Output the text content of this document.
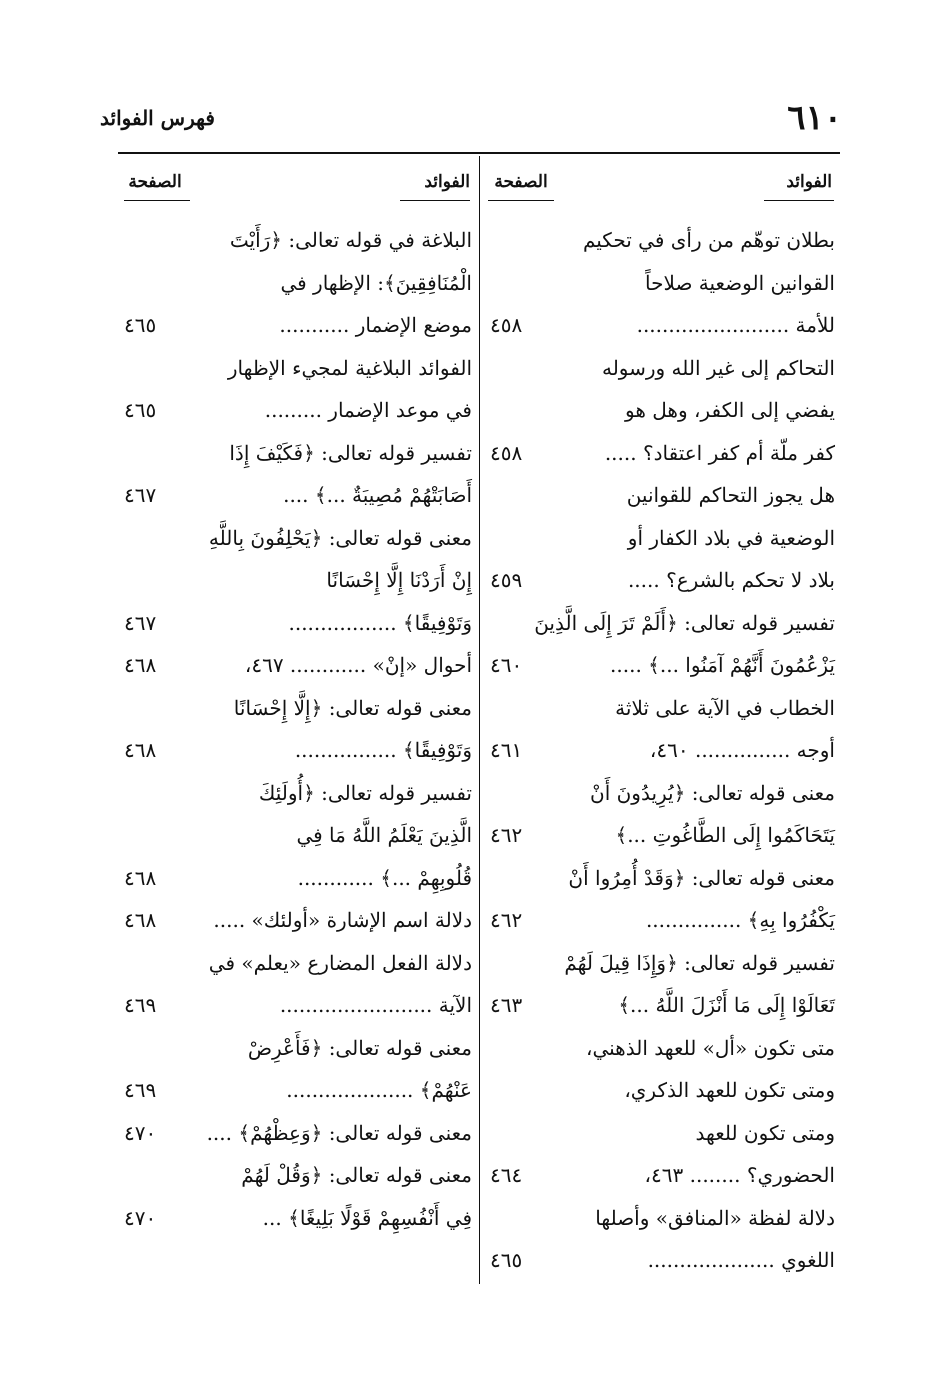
٦١٠
فهرس الفوائد
الفوائد
الصفحة
الفوائد
الصفحة
بطلان توهّم من رأى في تحكيم
القوانين الوضعية صلاحاً
للأمة ........................
٤٥٨
التحاكم إلى غير الله ورسوله
يفضي إلى الكفر، وهل هو
كفر ملّة أم كفر اعتقاد؟ .....
٤٥٨
هل يجوز التحاكم للقوانين
الوضعية في بلاد الكفار أو
بلاد لا تحكم بالشرع؟ .....
٤٥٩
تفسير قوله تعالى: ﴿أَلَمْ تَرَ إِلَى الَّذِينَ
يَزْعُمُونَ أَنَّهُمْ آمَنُوا ...﴾ .....
٤٦٠
الخطاب في الآية على ثلاثة
أوجه ............... ٤٦٠،
٤٦١
معنى قوله تعالى: ﴿يُرِيدُونَ أَنْ
يَتَحَاكَمُوا إِلَى الطَّاغُوتِ ...﴾
٤٦٢
معنى قوله تعالى: ﴿وَقَدْ أُمِرُوا أَنْ
يَكْفُرُوا بِهِ﴾ ...............
٤٦٢
تفسير قوله تعالى: ﴿وَإِذَا قِيلَ لَهُمْ
تَعَالَوْا إِلَى مَا أَنْزَلَ اللَّهُ ...﴾
٤٦٣
متى تكون «أل» للعهد الذهني،
ومتى تكون للعهد الذكري،
ومتى تكون للعهد
الحضوري؟ ........ ٤٦٣،
٤٦٤
دلالة لفظة «المنافق» وأصلها
اللغوي ....................
٤٦٥
البلاغة في قوله تعالى: ﴿رَأَيْتَ
الْمُنَافِقِينَ﴾: الإظهار في
موضع الإضمار ...........
٤٦٥
الفوائد البلاغية لمجيء الإظهار
في موعد الإضمار .........
٤٦٥
تفسير قوله تعالى: ﴿فَكَيْفَ إِذَا
أَصَابَتْهُمْ مُصِيبَةٌ ...﴾ ....
٤٦٧
معنى قوله تعالى: ﴿يَحْلِفُونَ بِاللَّهِ
إِنْ أَرَدْنَا إِلَّا إِحْسَانًا
وَتَوْفِيقًا﴾ .................
٤٦٧
أحوال «إنْ» ............ ٤٦٧،
٤٦٨
معنى قوله تعالى: ﴿إِلَّا إِحْسَانًا
وَتَوْفِيقًا﴾ ................
٤٦٨
تفسير قوله تعالى: ﴿أُولَئِكَ
الَّذِينَ يَعْلَمُ اللَّهُ مَا فِي
قُلُوبِهِمْ ...﴾ ............
٤٦٨
دلالة اسم الإشارة «أولئك» .....
٤٦٨
دلالة الفعل المضارع «يعلم» في
الآية ........................
٤٦٩
معنى قوله تعالى: ﴿فَأَعْرِضْ
عَنْهُمْ﴾ ....................
٤٦٩
معنى قوله تعالى: ﴿وَعِظْهُمْ﴾ ....
٤٧٠
معنى قوله تعالى: ﴿وَقُلْ لَهُمْ
فِي أَنْفُسِهِمْ قَوْلًا بَلِيغًا﴾ ...
٤٧٠
